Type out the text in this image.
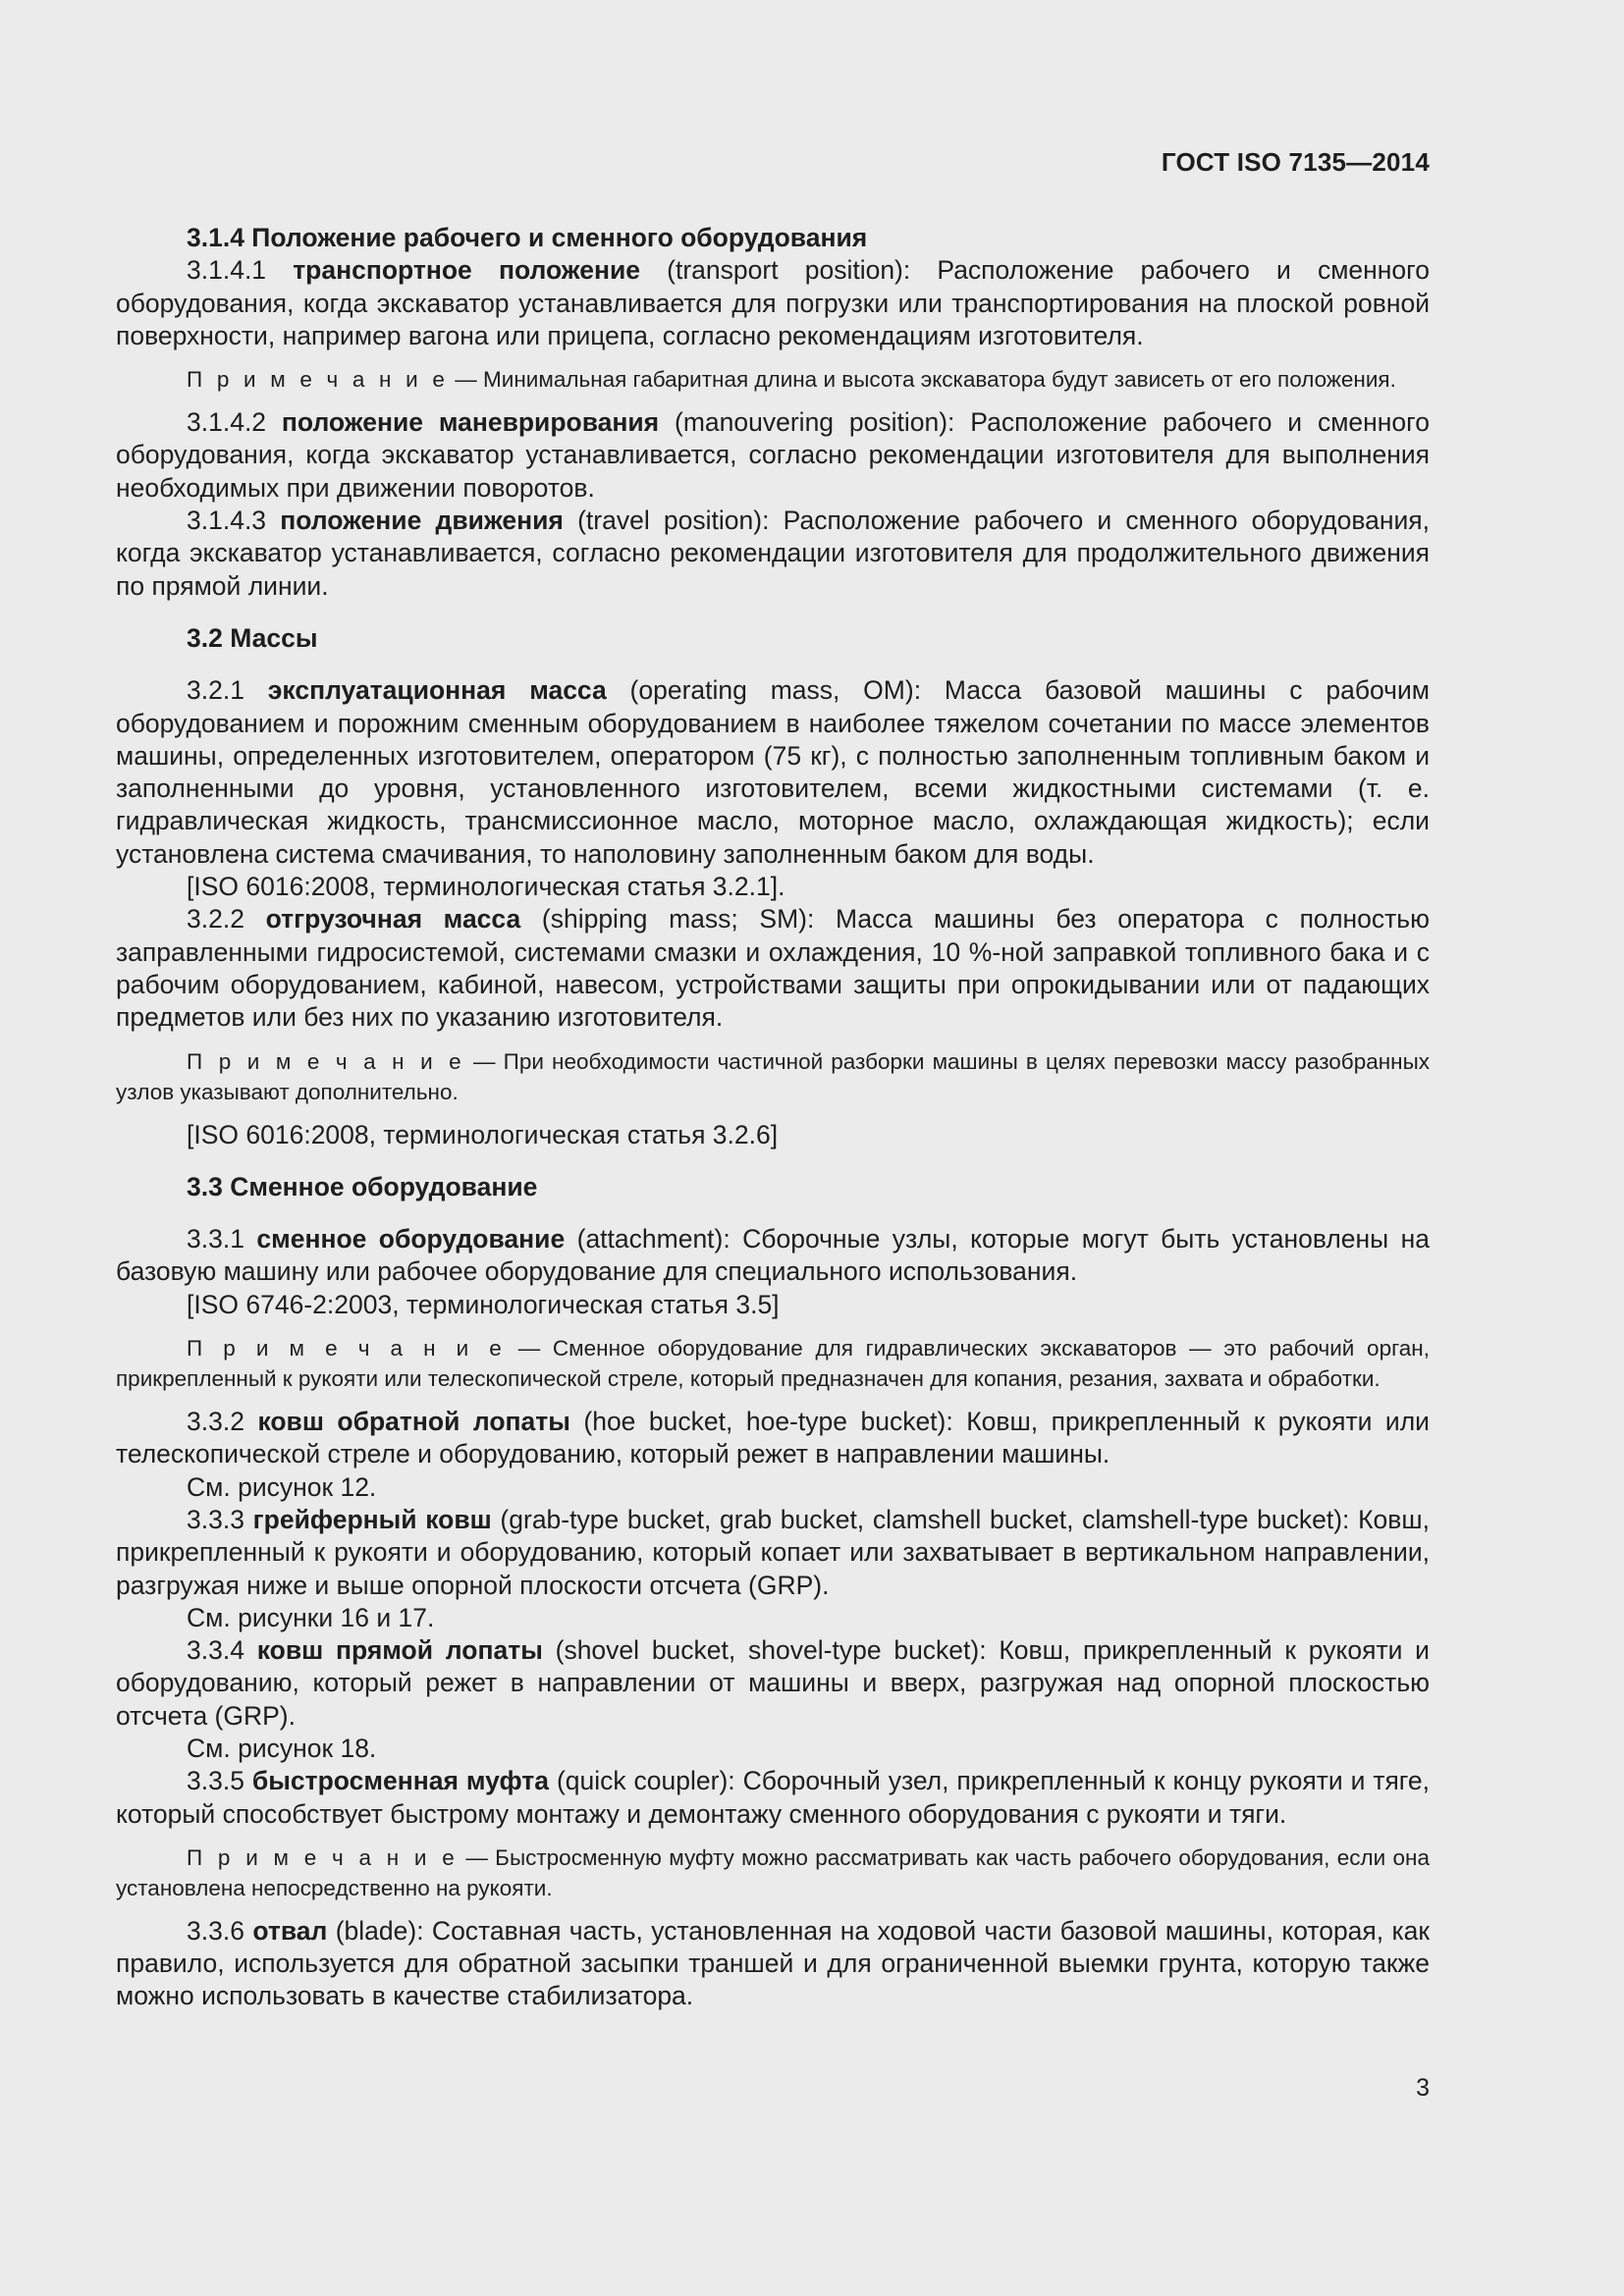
ГОСТ ISO 7135—2014

3.1.4 Положение рабочего и сменного оборудования

3.1.4.1 транспортное положение (transport position): Расположение рабочего и сменного оборудования, когда экскаватор устанавливается для погрузки или транспортирования на плоской ровной поверхности, например вагона или прицепа, согласно рекомендациям изготовителя.

П р и м е ч а н и е — Минимальная габаритная длина и высота экскаватора будут зависеть от его положения.

3.1.4.2 положение маневрирования (manouvering position): Расположение рабочего и сменного оборудования, когда экскаватор устанавливается, согласно рекомендации изготовителя для выполнения необходимых при движении поворотов.

3.1.4.3 положение движения (travel position): Расположение рабочего и сменного оборудования, когда экскаватор устанавливается, согласно рекомендации изготовителя для продолжительного движения по прямой линии.

3.2 Массы

3.2.1 эксплуатационная масса (operating mass, OM): Масса базовой машины с рабочим оборудованием и порожним сменным оборудованием в наиболее тяжелом сочетании по массе элементов машины, определенных изготовителем, оператором (75 кг), с полностью заполненным топливным баком и заполненными до уровня, установленного изготовителем, всеми жидкостными системами (т. е. гидравлическая жидкость, трансмиссионное масло, моторное масло, охлаждающая жидкость); если установлена система смачивания, то наполовину заполненным баком для воды.

[ISO 6016:2008, терминологическая статья 3.2.1].

3.2.2 отгрузочная масса (shipping mass; SM): Масса машины без оператора с полностью заправленными гидросистемой, системами смазки и охлаждения, 10 %-ной заправкой топливного бака и с рабочим оборудованием, кабиной, навесом, устройствами защиты при опрокидывании или от падающих предметов или без них по указанию изготовителя.

П р и м е ч а н и е — При необходимости частичной разборки машины в целях перевозки массу разобранных узлов указывают дополнительно.

[ISO 6016:2008, терминологическая статья 3.2.6]

3.3 Сменное оборудование

3.3.1 сменное оборудование (attachment): Сборочные узлы, которые могут быть установлены на базовую машину или рабочее оборудование для специального использования.

[ISO 6746-2:2003, терминологическая статья 3.5]

П р и м е ч а н и е — Сменное оборудование для гидравлических экскаваторов — это рабочий орган, прикрепленный к рукояти или телескопической стреле, который предназначен для копания, резания, захвата и обработки.

3.3.2 ковш обратной лопаты (hoe bucket, hoe-type bucket): Ковш, прикрепленный к рукояти или телескопической стреле и оборудованию, который режет в направлении машины.

См. рисунок 12.

3.3.3 грейферный ковш (grab-type bucket, grab bucket, clamshell bucket, clamshell-type bucket): Ковш, прикрепленный к рукояти и оборудованию, который копает или захватывает в вертикальном направлении, разгружая ниже и выше опорной плоскости отсчета (GRP).

См. рисунки 16 и 17.

3.3.4 ковш прямой лопаты (shovel bucket, shovel-type bucket): Ковш, прикрепленный к рукояти и оборудованию, который режет в направлении от машины и вверх, разгружая над опорной плоскостью отсчета (GRP).

См. рисунок 18.

3.3.5 быстросменная муфта (quick coupler): Сборочный узел, прикрепленный к концу рукояти и тяге, который способствует быстрому монтажу и демонтажу сменного оборудования с рукояти и тяги.

П р и м е ч а н и е — Быстросменную муфту можно рассматривать как часть рабочего оборудования, если она установлена непосредственно на рукояти.

3.3.6 отвал (blade): Составная часть, установленная на ходовой части базовой машины, которая, как правило, используется для обратной засыпки траншей и для ограниченной выемки грунта, которую также можно использовать в качестве стабилизатора.

3
